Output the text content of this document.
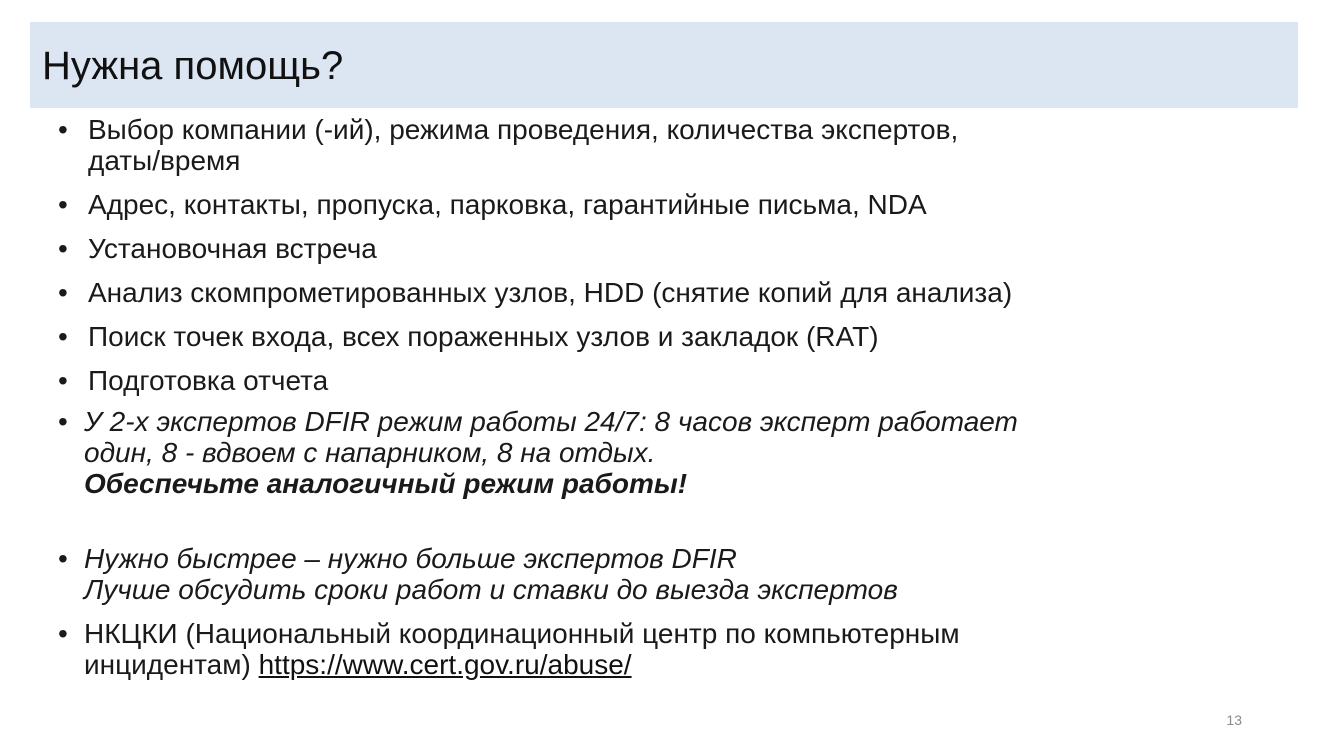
Нужна помощь?
• Выбор компании (-ий), режима проведения, количества экспертов,
даты/время
• Адрес, контакты, пропуска, парковка, гарантийные письма, NDA
• Установочная встреча
• Анализ скомпрометированных узлов, HDD (снятие копий для анализа)
• Поиск точек входа, всех пораженных узлов и закладок (RAT)
• Подготовка отчета
• У 2-х экспертов DFIR режим работы 24/7: 8 часов эксперт работает
один, 8 - вдвоем с напарником, 8 на отдых.
Обеспечьте аналогичный режим работы!
• Нужно быстрее – нужно больше экспертов DFIR
Лучше обсудить сроки работ и ставки до выезда экспертов
• НКЦКИ (Национальный координационный центр по компьютерным
инцидентам) https://www.cert.gov.ru/abuse/
13
